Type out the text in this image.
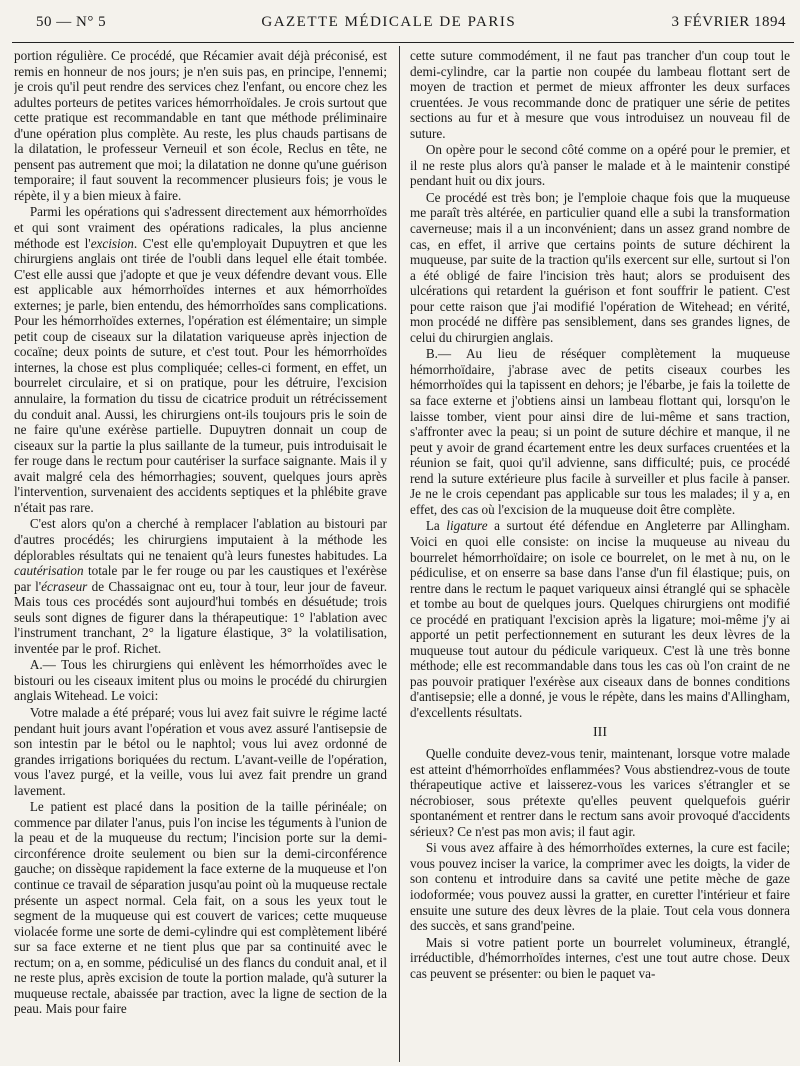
50 — N° 5	GAZETTE MÉDICALE DE PARIS	3 FÉVRIER 1894

portion régulière. Ce procédé, que Récamier avait déjà préconisé, est remis en honneur de nos jours; je n'en suis pas, en principe, l'ennemi; je crois qu'il peut rendre des services chez l'enfant, ou encore chez les adultes porteurs de petites varices hémorrhoïdales. Je crois surtout que cette pratique est recommandable en tant que méthode préliminaire d'une opération plus complète. Au reste, les plus chauds partisans de la dilatation, le professeur Verneuil et son école, Reclus en tête, ne pensent pas autrement que moi; la dilatation ne donne qu'une guérison temporaire; il faut souvent la recommencer plusieurs fois; je vous le répète, il y a bien mieux à faire.

Parmi les opérations qui s'adressent directement aux hémorrhoïdes et qui sont vraiment des opérations radicales, la plus ancienne méthode est l'excision. C'est elle qu'employait Dupuytren et que les chirurgiens anglais ont tirée de l'oubli dans lequel elle était tombée. C'est elle aussi que j'adopte et que je veux défendre devant vous. Elle est applicable aux hémorrhoïdes internes et aux hémorrhoïdes externes; je parle, bien entendu, des hémorrhoïdes sans complications. Pour les hémorrhoïdes externes, l'opération est élémentaire; un simple petit coup de ciseaux sur la dilatation variqueuse après injection de cocaïne; deux points de suture, et c'est tout. Pour les hémorrhoïdes internes, la chose est plus compliquée; celles-ci forment, en effet, un bourrelet circulaire, et si on pratique, pour les détruire, l'excision annulaire, la formation du tissu de cicatrice produit un rétrécissement du conduit anal. Aussi, les chirurgiens ont-ils toujours pris le soin de ne faire qu'une exérèse partielle. Dupuytren donnait un coup de ciseaux sur la partie la plus saillante de la tumeur, puis introduisait le fer rouge dans le rectum pour cautériser la surface saignante. Mais il y avait malgré cela des hémorrhagies; souvent, quelques jours après l'intervention, survenaient des accidents septiques et la phlébite grave n'était pas rare.

C'est alors qu'on a cherché à remplacer l'ablation au bistouri par d'autres procédés; les chirurgiens imputaient à la méthode les déplorables résultats qui ne tenaient qu'à leurs funestes habitudes. La cautérisation totale par le fer rouge ou par les caustiques et l'exérèse par l'écraseur de Chassaignac ont eu, tour à tour, leur jour de faveur. Mais tous ces procédés sont aujourd'hui tombés en désuétude; trois seuls sont dignes de figurer dans la thérapeutique: 1° l'ablation avec l'instrument tranchant, 2° la ligature élastique, 3° la volatilisation, inventée par le prof. Richet.

A.— Tous les chirurgiens qui enlèvent les hémorrhoïdes avec le bistouri ou les ciseaux imitent plus ou moins le procédé du chirurgien anglais Witehead. Le voici:

Votre malade a été préparé; vous lui avez fait suivre le régime lacté pendant huit jours avant l'opération et vous avez assuré l'antisepsie de son intestin par le bétol ou le naphtol; vous lui avez ordonné de grandes irrigations boriquées du rectum. L'avant-veille de l'opération, vous l'avez purgé, et la veille, vous lui avez fait prendre un grand lavement.

Le patient est placé dans la position de la taille périnéale; on commence par dilater l'anus, puis l'on incise les téguments à l'union de la peau et de la muqueuse du rectum; l'incision porte sur la demi-circonférence droite seulement ou bien sur la demi-circonférence gauche; on dissèque rapidement la face externe de la muqueuse et l'on continue ce travail de séparation jusqu'au point où la muqueuse rectale présente un aspect normal. Cela fait, on a sous les yeux tout le segment de la muqueuse qui est couvert de varices; cette muqueuse violacée forme une sorte de demi-cylindre qui est complètement libéré sur sa face externe et ne tient plus que par sa continuité avec le rectum; on a, en somme, pédiculisé un des flancs du conduit anal, et il ne reste plus, après excision de toute la portion malade, qu'à suturer la muqueuse rectale, abaissée par traction, avec la ligne de section de la peau. Mais pour faire

cette suture commodément, il ne faut pas trancher d'un coup tout le demi-cylindre, car la partie non coupée du lambeau flottant sert de moyen de traction et permet de mieux affronter les deux surfaces cruentées. Je vous recommande donc de pratiquer une série de petites sections au fur et à mesure que vous introduisez un nouveau fil de suture.

On opère pour le second côté comme on a opéré pour le premier, et il ne reste plus alors qu'à panser le malade et à le maintenir constipé pendant huit ou dix jours.

Ce procédé est très bon; je l'emploie chaque fois que la muqueuse me paraît très altérée, en particulier quand elle a subi la transformation caverneuse; mais il a un inconvénient; dans un assez grand nombre de cas, en effet, il arrive que certains points de suture déchirent la muqueuse, par suite de la traction qu'ils exercent sur elle, surtout si l'on a été obligé de faire l'incision très haut; alors se produisent des ulcérations qui retardent la guérison et font souffrir le patient. C'est pour cette raison que j'ai modifié l'opération de Witehead; en vérité, mon procédé ne diffère pas sensiblement, dans ses grandes lignes, de celui du chirurgien anglais.

B.— Au lieu de réséquer complètement la muqueuse hémorrhoïdaire, j'abrase avec de petits ciseaux courbes les hémorrhoïdes qui la tapissent en dehors; je l'ébarbe, je fais la toilette de sa face externe et j'obtiens ainsi un lambeau flottant qui, lorsqu'on le laisse tomber, vient pour ainsi dire de lui-même et sans traction, s'affronter avec la peau; si un point de suture déchire et manque, il ne peut y avoir de grand écartement entre les deux surfaces cruentées et la réunion se fait, quoi qu'il advienne, sans difficulté; puis, ce procédé rend la suture extérieure plus facile à surveiller et plus facile à panser. Je ne le crois cependant pas applicable sur tous les malades; il y a, en effet, des cas où l'excision de la muqueuse doit être complète.

La ligature a surtout été défendue en Angleterre par Allingham. Voici en quoi elle consiste: on incise la muqueuse au niveau du bourrelet hémorrhoïdaire; on isole ce bourrelet, on le met à nu, on le pédiculise, et on enserre sa base dans l'anse d'un fil élastique; puis, on rentre dans le rectum le paquet variqueux ainsi étranglé qui se sphacèle et tombe au bout de quelques jours. Quelques chirurgiens ont modifié ce procédé en pratiquant l'excision après la ligature; moi-même j'y ai apporté un petit perfectionnement en suturant les deux lèvres de la muqueuse tout autour du pédicule variqueux. C'est là une très bonne méthode; elle est recommandable dans tous les cas où l'on craint de ne pas pouvoir pratiquer l'exérèse aux ciseaux dans de bonnes conditions d'antisepsie; elle a donné, je vous le répète, dans les mains d'Allingham, d'excellents résultats.

III

Quelle conduite devez-vous tenir, maintenant, lorsque votre malade est atteint d'hémorrhoïdes enflammées? Vous abstiendrez-vous de toute thérapeutique active et laisserez-vous les varices s'étrangler et se nécrobioser, sous prétexte qu'elles peuvent quelquefois guérir spontanément et rentrer dans le rectum sans avoir provoqué d'accidents sérieux? Ce n'est pas mon avis; il faut agir.

Si vous avez affaire à des hémorrhoïdes externes, la cure est facile; vous pouvez inciser la varice, la comprimer avec les doigts, la vider de son contenu et introduire dans sa cavité une petite mèche de gaze iodoformée; vous pouvez aussi la gratter, en curetter l'intérieur et faire ensuite une suture des deux lèvres de la plaie. Tout cela vous donnera des succès, et sans grand'peine.

Mais si votre patient porte un bourrelet volumineux, étranglé, irréductible, d'hémorrhoïdes internes, c'est une tout autre chose. Deux cas peuvent se présenter: ou bien le paquet va-
